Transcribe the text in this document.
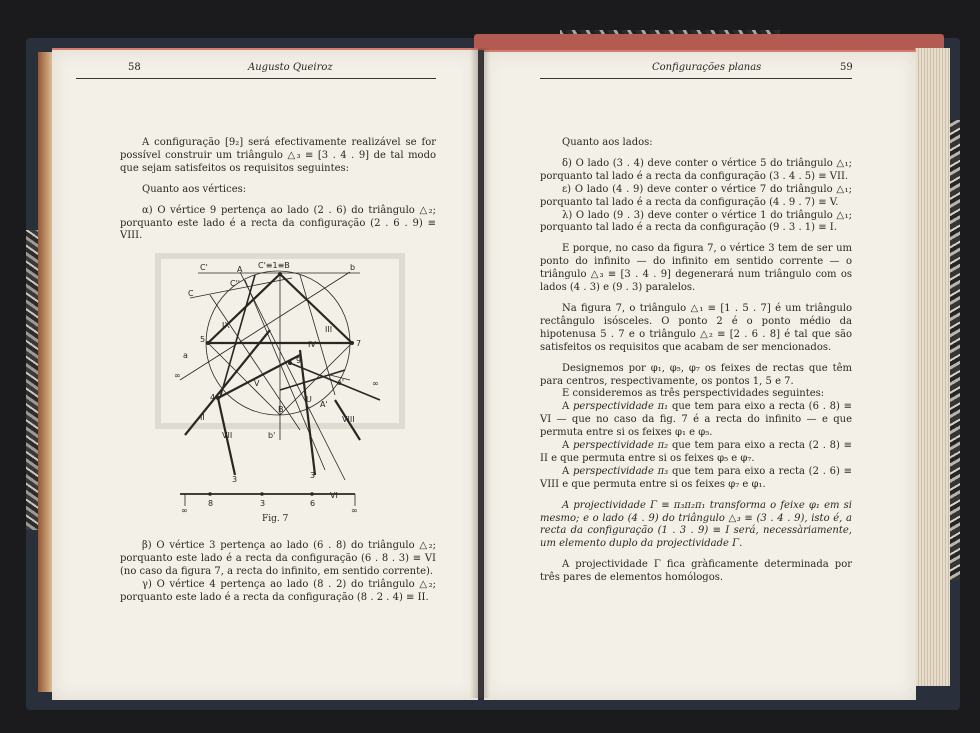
58	Augusto Queiroz

A configuração [9₂] será efectivamente realizável se for possível construir um triângulo △₃ ≡ [3 . 4 . 9] de tal modo que sejam satisfeitos os requisitos seguintes:

Quanto aos vértices:

α) O vértice 9 pertença ao lado (2 . 6) do triângulo △₂; porquanto este lado é a recta da configuração (2 . 6 . 9) ≡ VIII.

C'≡1≡B	b
C'
C
C''
A
IX	III
IV
V
II
VII
VIII
a
a'
A'
B'
b'
U
I
5	7
9
4
3	3
8	3	6
VI
∞	∞
∞
∞
Fig. 7

β) O vértice 3 pertença ao lado (6 . 8) do triângulo △₂; porquanto este lado é a recta da configuração (6 . 8 . 3) ≡ VI (no caso da figura 7, a recta do infinito, em sentido corrente).

γ) O vértice 4 pertença ao lado (8 . 2) do triângulo △₂; porquanto este lado é a recta da configuração (8 . 2 . 4) ≡ II.

Configurações planas	59

Quanto aos lados:

δ) O lado (3 . 4) deve conter o vértice 5 do triângulo △₁; porquanto tal lado é a recta da configuração (3 . 4 . 5) ≡ VII.

ε) O lado (4 . 9) deve conter o vértice 7 do triângulo △₁; porquanto tal lado é a recta da configuração (4 . 9 . 7) ≡ V.

λ) O lado (9 . 3) deve conter o vértice 1 do triângulo △₁; porquanto tal lado é a recta da configuração (9 . 3 . 1) ≡ I.

E porque, no caso da figura 7, o vértice 3 tem de ser um ponto do infinito — do infinito em sentido corrente — o triângulo △₃ ≡ [3 . 4 . 9] degenerará num triângulo com os lados (4 . 3) e (9 . 3) paralelos.

Na figura 7, o triângulo △₁ ≡ [1 . 5 . 7] é um triângulo rectângulo isósceles. O ponto 2 é o ponto médio da hipotenusa 5 . 7 e o triângulo △₂ ≡ [2 . 6 . 8] é tal que são satisfeitos os requisitos que acabam de ser mencionados.

Designemos por φ₁, φ₅, φ₇ os feixes de rectas que têm para centros, respectivamente, os pontos 1, 5 e 7.

E consideremos as três perspectividades seguintes:

A perspectividade π₁ que tem para eixo a recta (6 . 8) ≡ VI — que no caso da fig. 7 é a recta do infinito — e que permuta entre si os feixes φ₁ e φ₅.

A perspectividade π₂ que tem para eixo a recta (2 . 8) ≡ II e que permuta entre si os feixes φ₅ e φ₇.

A perspectividade π₃ que tem para eixo a recta (2 . 6) ≡ VIII e que permuta entre si os feixes φ₇ e φ₁.

A projectividade Γ ≡ π₃π₂π₁ transforma o feixe φ₁ em si mesmo; e o lado (4 . 9) do triângulo △₃ ≡ (3 . 4 . 9), isto é, a recta da configuração (1 . 3 . 9) ≡ I será, necessàriamente, um elemento duplo da projectividade Γ.

A projectividade Γ fica gràficamente determinada por três pares de elementos homólogos.
